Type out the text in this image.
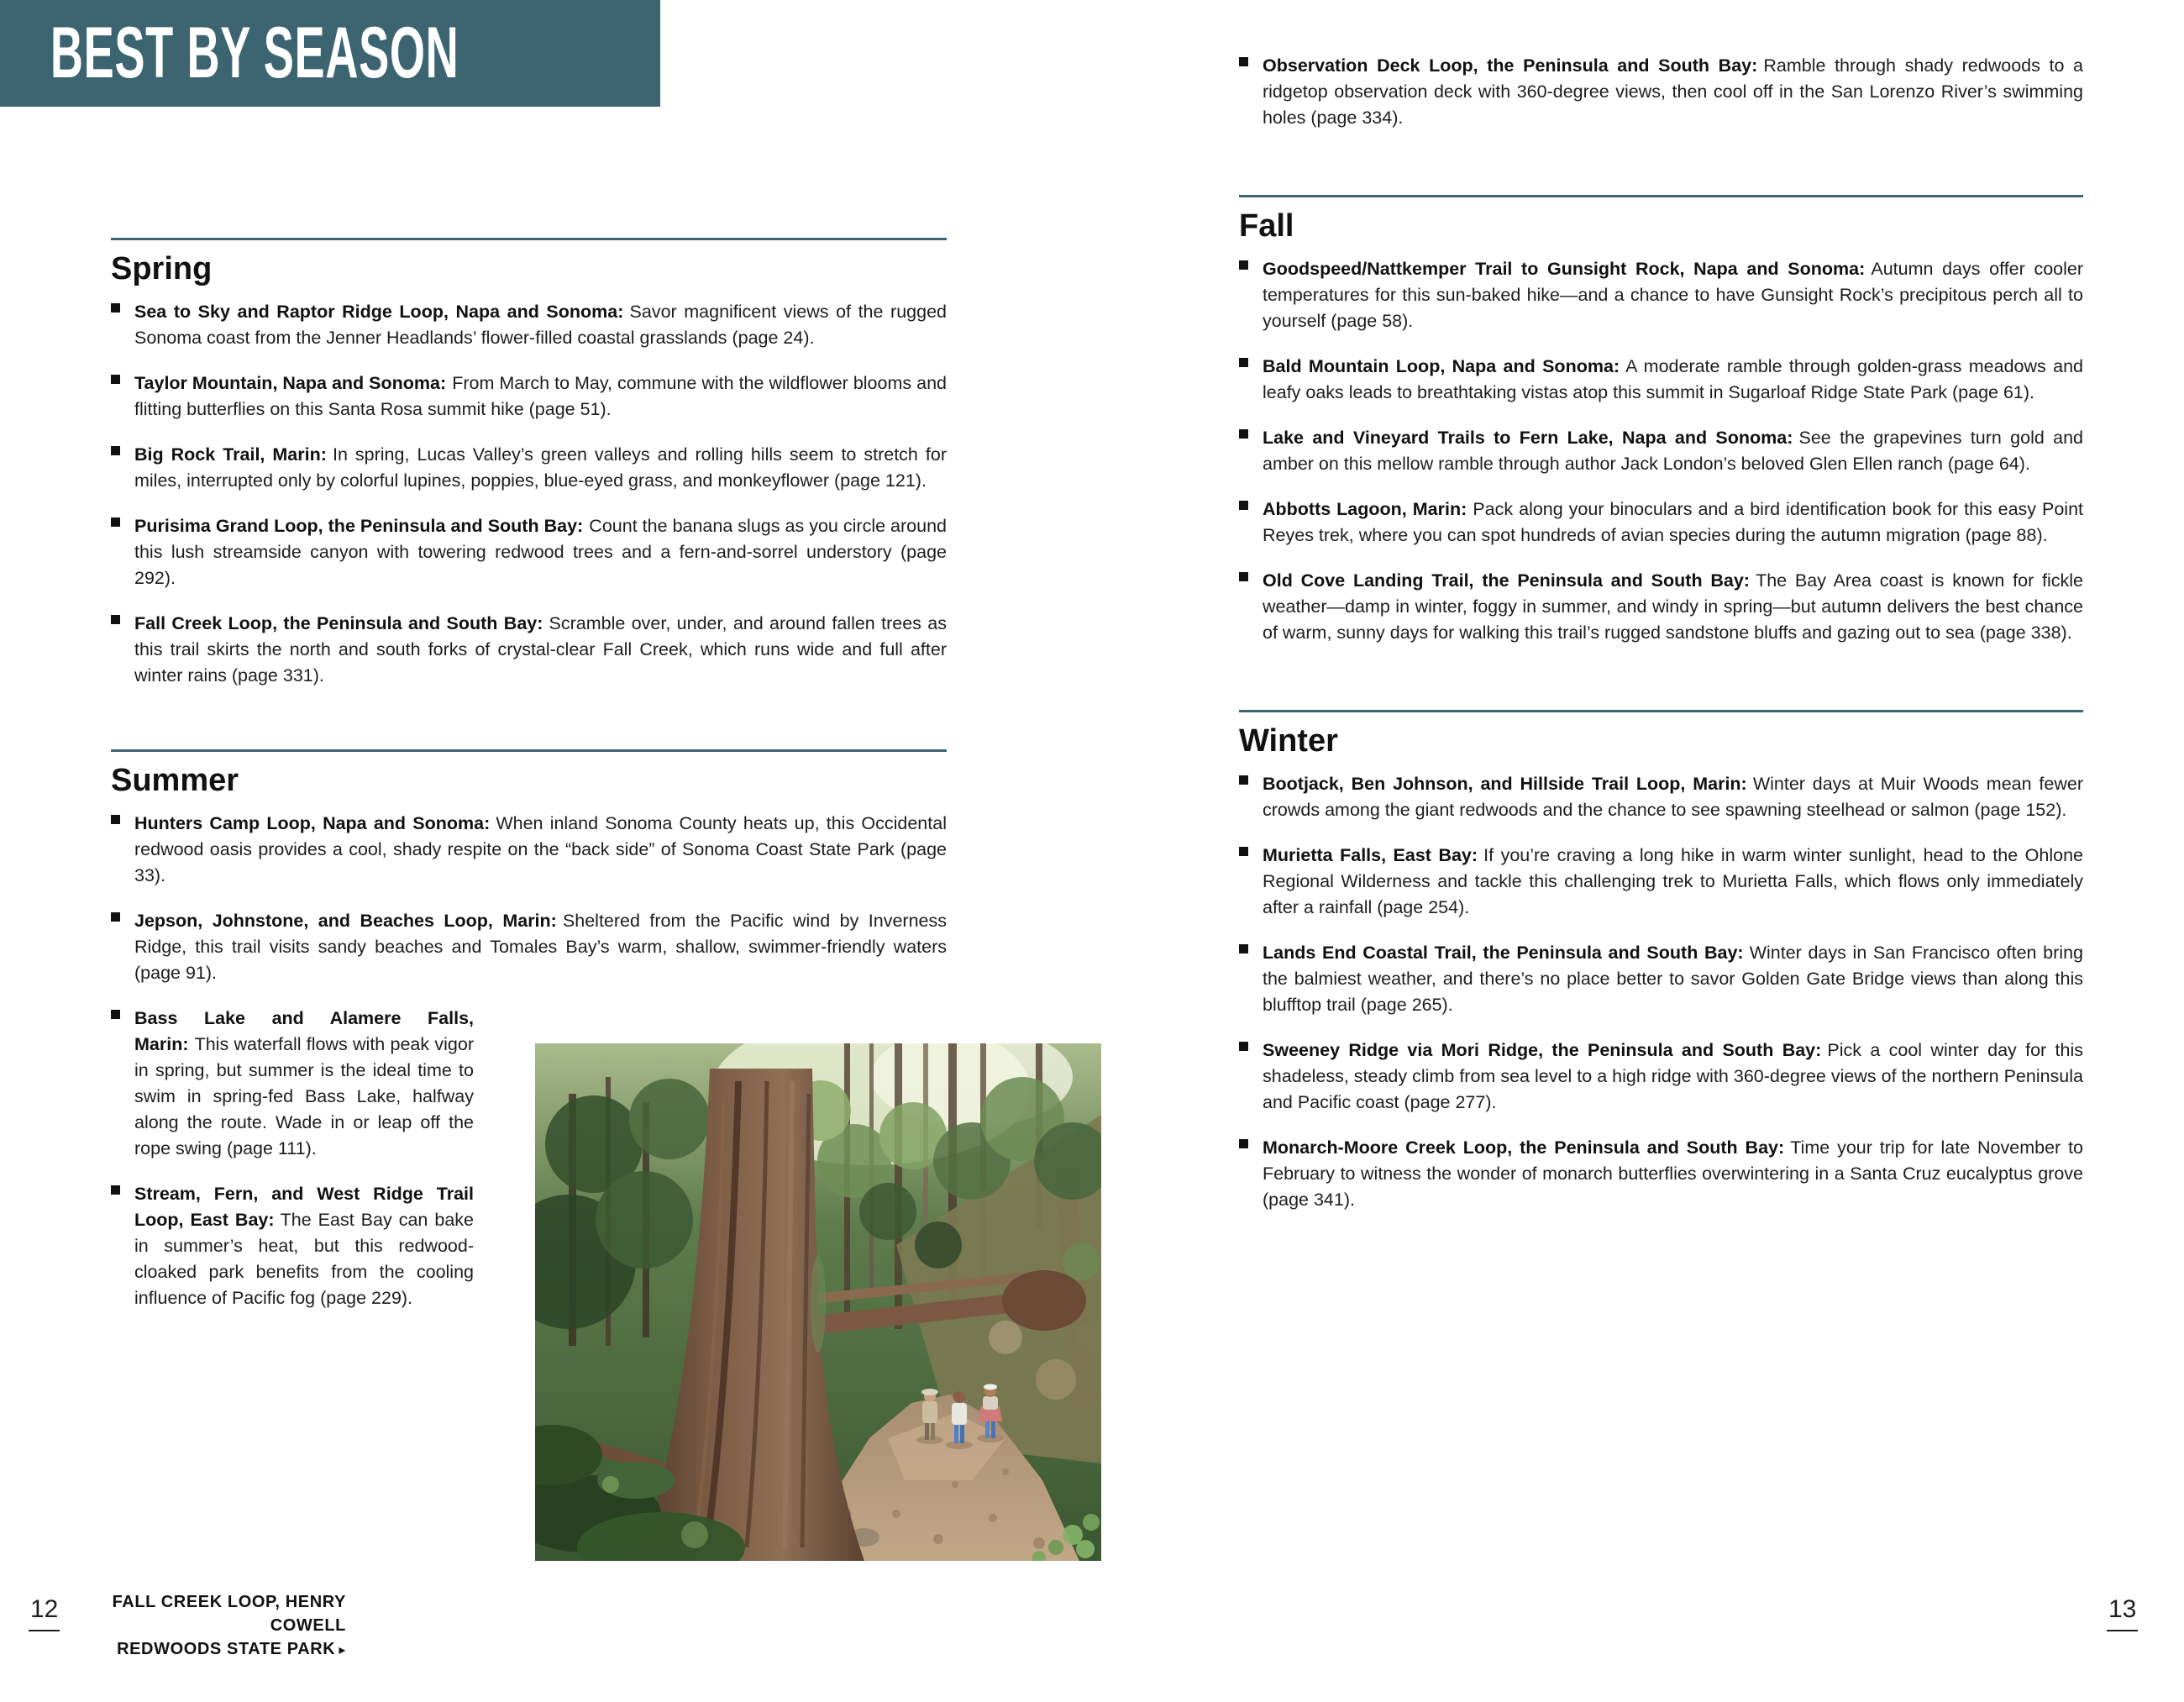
BEST BY SEASON
Spring
Sea to Sky and Raptor Ridge Loop, Napa and Sonoma: Savor magnificent views of the rugged Sonoma coast from the Jenner Headlands’ flower-filled coastal grasslands (page 24).
Taylor Mountain, Napa and Sonoma: From March to May, commune with the wildflower blooms and flitting butterflies on this Santa Rosa summit hike (page 51).
Big Rock Trail, Marin: In spring, Lucas Valley’s green valleys and rolling hills seem to stretch for miles, interrupted only by colorful lupines, poppies, blue-eyed grass, and monkeyflower (page 121).
Purisima Grand Loop, the Peninsula and South Bay: Count the banana slugs as you circle around this lush streamside canyon with towering redwood trees and a fern-and-sorrel understory (page 292).
Fall Creek Loop, the Peninsula and South Bay: Scramble over, under, and around fallen trees as this trail skirts the north and south forks of crystal-clear Fall Creek, which runs wide and full after winter rains (page 331).
Summer
Hunters Camp Loop, Napa and Sonoma: When inland Sonoma County heats up, this Occidental redwood oasis provides a cool, shady respite on the “back side” of Sonoma Coast State Park (page 33).
Jepson, Johnstone, and Beaches Loop, Marin: Sheltered from the Pacific wind by Inverness Ridge, this trail visits sandy beaches and Tomales Bay’s warm, shallow, swimmer-friendly waters (page 91).
Bass Lake and Alamere Falls, Marin: This waterfall flows with peak vigor in spring, but summer is the ideal time to swim in spring-fed Bass Lake, halfway along the route. Wade in or leap off the rope swing (page 111).
Stream, Fern, and West Ridge Trail Loop, East Bay: The East Bay can bake in summer’s heat, but this redwood-cloaked park benefits from the cooling influence of Pacific fog (page 229).
FALL CREEK LOOP, HENRY COWELL
REDWOODS STATE PARK ▸
12
Observation Deck Loop, the Peninsula and South Bay: Ramble through shady redwoods to a ridgetop observation deck with 360-degree views, then cool off in the San Lorenzo River’s swimming holes (page 334).
Fall
Goodspeed/Nattkemper Trail to Gunsight Rock, Napa and Sonoma: Autumn days offer cooler temperatures for this sun-baked hike—and a chance to have Gunsight Rock’s precipitous perch all to yourself (page 58).
Bald Mountain Loop, Napa and Sonoma: A moderate ramble through golden-grass meadows and leafy oaks leads to breathtaking vistas atop this summit in Sugarloaf Ridge State Park (page 61).
Lake and Vineyard Trails to Fern Lake, Napa and Sonoma: See the grapevines turn gold and amber on this mellow ramble through author Jack London’s beloved Glen Ellen ranch (page 64).
Abbotts Lagoon, Marin: Pack along your binoculars and a bird identification book for this easy Point Reyes trek, where you can spot hundreds of avian species during the autumn migration (page 88).
Old Cove Landing Trail, the Peninsula and South Bay: The Bay Area coast is known for fickle weather—damp in winter, foggy in summer, and windy in spring—but autumn delivers the best chance of warm, sunny days for walking this trail’s rugged sandstone bluffs and gazing out to sea (page 338).
Winter
Bootjack, Ben Johnson, and Hillside Trail Loop, Marin: Winter days at Muir Woods mean fewer crowds among the giant redwoods and the chance to see spawning steelhead or salmon (page 152).
Murietta Falls, East Bay: If you’re craving a long hike in warm winter sunlight, head to the Ohlone Regional Wilderness and tackle this challenging trek to Murietta Falls, which flows only immediately after a rainfall (page 254).
Lands End Coastal Trail, the Peninsula and South Bay: Winter days in San Francisco often bring the balmiest weather, and there’s no place better to savor Golden Gate Bridge views than along this blufftop trail (page 265).
Sweeney Ridge via Mori Ridge, the Peninsula and South Bay: Pick a cool winter day for this shadeless, steady climb from sea level to a high ridge with 360-degree views of the northern Peninsula and Pacific coast (page 277).
Monarch-Moore Creek Loop, the Peninsula and South Bay: Time your trip for late November to February to witness the wonder of monarch butterflies overwintering in a Santa Cruz eucalyptus grove (page 341).
13
